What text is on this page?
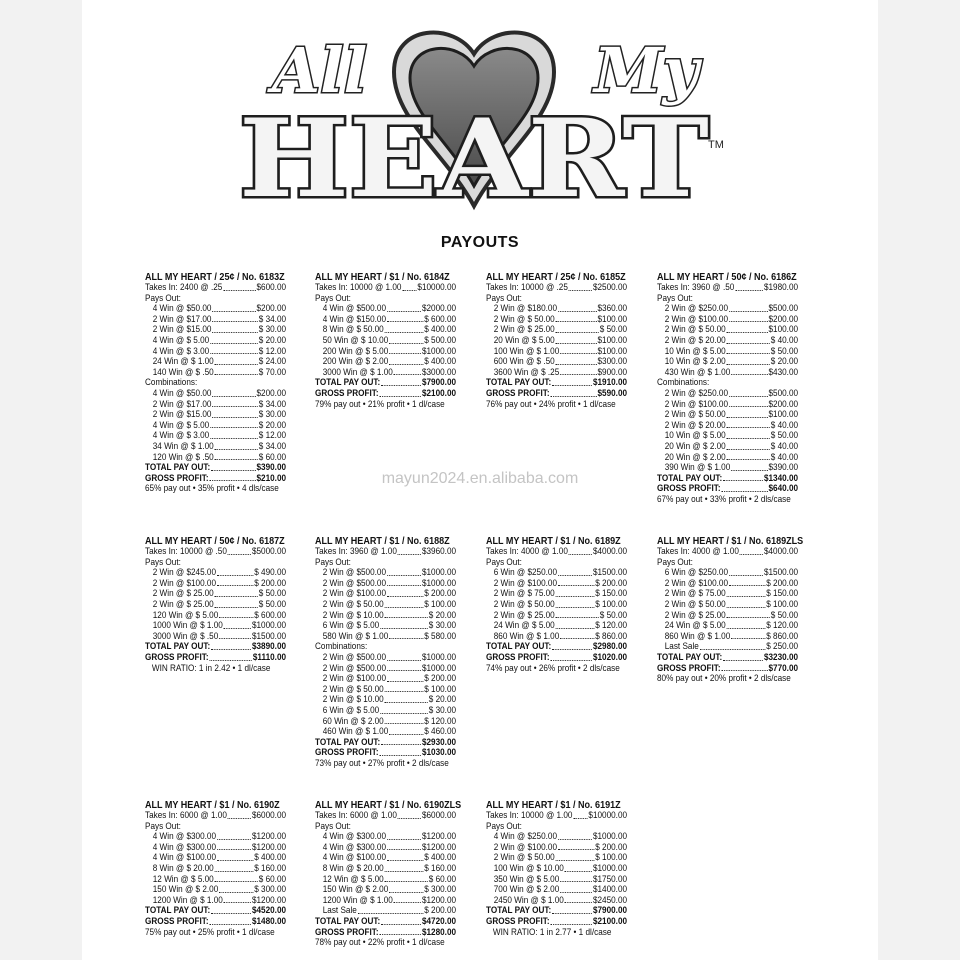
All	My
HEART TM
PAYOUTS
mayun2024.en.alibaba.com
ALL MY HEART / 25¢ / No. 6183Z
Takes In: 2400 @ .25	$600.00
Pays Out:
4 Win @ $50.00	$200.00
2 Win @ $17.00	$ 34.00
2 Win @ $15.00	$ 30.00
4 Win @ $ 5.00	$ 20.00
4 Win @ $ 3.00	$ 12.00
24 Win @ $ 1.00	$ 24.00
140 Win @ $ .50	$ 70.00
Combinations:
4 Win @ $50.00	$200.00
2 Win @ $17.00	$ 34.00
2 Win @ $15.00	$ 30.00
4 Win @ $ 5.00	$ 20.00
4 Win @ $ 3.00	$ 12.00
34 Win @ $ 1.00	$ 34.00
120 Win @ $ .50	$ 60.00
TOTAL PAY OUT:	$390.00
GROSS PROFIT:	$210.00
65% pay out • 35% profit • 4 dls/case
ALL MY HEART / $1 / No. 6184Z
Takes In: 10000 @ 1.00 $10000.00
Pays Out:
4 Win @ $500.00	$2000.00
4 Win @ $150.00	$ 600.00
8 Win @ $ 50.00	$ 400.00
50 Win @ $ 10.00	$ 500.00
200 Win @ $ 5.00	$1000.00
200 Win @ $ 2.00	$ 400.00
3000 Win @ $ 1.00	$3000.00
TOTAL PAY OUT:	$7900.00
GROSS PROFIT:	$2100.00
79% pay out • 21% profit • 1 dl/case
ALL MY HEART / 25¢ / No. 6185Z
Takes In: 10000 @ .25	$2500.00
Pays Out:
2 Win @ $180.00	$360.00
2 Win @ $ 50.00	$100.00
2 Win @ $ 25.00	$ 50.00
20 Win @ $ 5.00	$100.00
100 Win @ $ 1.00	$100.00
600 Win @ $ .50	$300.00
3600 Win @ $ .25	$900.00
TOTAL PAY OUT:	$1910.00
GROSS PROFIT:	$590.00
76% pay out • 24% profit • 1 dl/case
ALL MY HEART / 50¢ / No. 6186Z
Takes In: 3960 @ .50	$1980.00
Pays Out:
2 Win @ $250.00	$500.00
2 Win @ $100.00	$200.00
2 Win @ $ 50.00	$100.00
2 Win @ $ 20.00	$ 40.00
10 Win @ $ 5.00	$ 50.00
10 Win @ $ 2.00	$ 20.00
430 Win @ $ 1.00	$430.00
Combinations:
2 Win @ $250.00	$500.00
2 Win @ $100.00	$200.00
2 Win @ $ 50.00	$100.00
2 Win @ $ 20.00	$ 40.00
10 Win @ $ 5.00	$ 50.00
20 Win @ $ 2.00	$ 40.00
20 Win @ $ 2.00	$ 40.00
390 Win @ $ 1.00	$390.00
TOTAL PAY OUT:	$1340.00
GROSS PROFIT:	$640.00
67% pay out • 33% profit • 2 dls/case
ALL MY HEART / 50¢ / No. 6187Z
Takes In: 10000 @ .50	$5000.00
Pays Out:
2 Win @ $245.00	$ 490.00
2 Win @ $100.00	$ 200.00
2 Win @ $ 25.00	$ 50.00
2 Win @ $ 25.00	$ 50.00
120 Win @ $ 5.00	$ 600.00
1000 Win @ $ 1.00	$1000.00
3000 Win @ $ .50	$1500.00
TOTAL PAY OUT:	$3890.00
GROSS PROFIT:	$1110.00
WIN RATIO: 1 in 2.42 • 1 dl/case
ALL MY HEART / $1 / No. 6188Z
Takes In: 3960 @ 1.00	$3960.00
Pays Out:
2 Win @ $500.00	$1000.00
2 Win @ $500.00	$1000.00
2 Win @ $100.00	$ 200.00
2 Win @ $ 50.00	$ 100.00
2 Win @ $ 10.00	$ 20.00
6 Win @ $ 5.00	$ 30.00
580 Win @ $ 1.00	$ 580.00
Combinations:
2 Win @ $500.00	$1000.00
2 Win @ $500.00	$1000.00
2 Win @ $100.00	$ 200.00
2 Win @ $ 50.00	$ 100.00
2 Win @ $ 10.00	$ 20.00
6 Win @ $ 5.00	$ 30.00
60 Win @ $ 2.00	$ 120.00
460 Win @ $ 1.00	$ 460.00
TOTAL PAY OUT:	$2930.00
GROSS PROFIT:	$1030.00
73% pay out • 27% profit • 2 dls/case
ALL MY HEART / $1 / No. 6189Z
Takes In: 4000 @ 1.00	$4000.00
Pays Out:
6 Win @ $250.00	$1500.00
2 Win @ $100.00	$ 200.00
2 Win @ $ 75.00	$ 150.00
2 Win @ $ 50.00	$ 100.00
2 Win @ $ 25.00	$ 50.00
24 Win @ $ 5.00	$ 120.00
860 Win @ $ 1.00	$ 860.00
TOTAL PAY OUT:	$2980.00
GROSS PROFIT:	$1020.00
74% pay out • 26% profit • 2 dls/case
ALL MY HEART / $1 / No. 6189ZLS
Takes In: 4000 @ 1.00	$4000.00
Pays Out:
6 Win @ $250.00	$1500.00
2 Win @ $100.00	$ 200.00
2 Win @ $ 75.00	$ 150.00
2 Win @ $ 50.00	$ 100.00
2 Win @ $ 25.00	$ 50.00
24 Win @ $ 5.00	$ 120.00
860 Win @ $ 1.00	$ 860.00
Last Sale	$ 250.00
TOTAL PAY OUT:	$3230.00
GROSS PROFIT:	$770.00
80% pay out • 20% profit • 2 dls/case
ALL MY HEART / $1 / No. 6190Z
Takes In: 6000 @ 1.00	$6000.00
Pays Out:
4 Win @ $300.00	$1200.00
4 Win @ $300.00	$1200.00
4 Win @ $100.00	$ 400.00
8 Win @ $ 20.00	$ 160.00
12 Win @ $ 5.00	$ 60.00
150 Win @ $ 2.00	$ 300.00
1200 Win @ $ 1.00	$1200.00
TOTAL PAY OUT:	$4520.00
GROSS PROFIT:	$1480.00
75% pay out • 25% profit • 1 dl/case
ALL MY HEART / $1 / No. 6190ZLS
Takes In: 6000 @ 1.00	$6000.00
Pays Out:
4 Win @ $300.00	$1200.00
4 Win @ $300.00	$1200.00
4 Win @ $100.00	$ 400.00
8 Win @ $ 20.00	$ 160.00
12 Win @ $ 5.00	$ 60.00
150 Win @ $ 2.00	$ 300.00
1200 Win @ $ 1.00	$1200.00
Last Sale	$ 200.00
TOTAL PAY OUT:	$4720.00
GROSS PROFIT:	$1280.00
78% pay out • 22% profit • 1 dl/case
ALL MY HEART / $1 / No. 6191Z
Takes In: 10000 @ 1.00 $10000.00
Pays Out:
4 Win @ $250.00	$1000.00
2 Win @ $100.00	$ 200.00
2 Win @ $ 50.00	$ 100.00
100 Win @ $ 10.00	$1000.00
350 Win @ $ 5.00	$1750.00
700 Win @ $ 2.00	$1400.00
2450 Win @ $ 1.00	$2450.00
TOTAL PAY OUT:	$7900.00
GROSS PROFIT:	$2100.00
WIN RATIO: 1 in 2.77 • 1 dl/case
